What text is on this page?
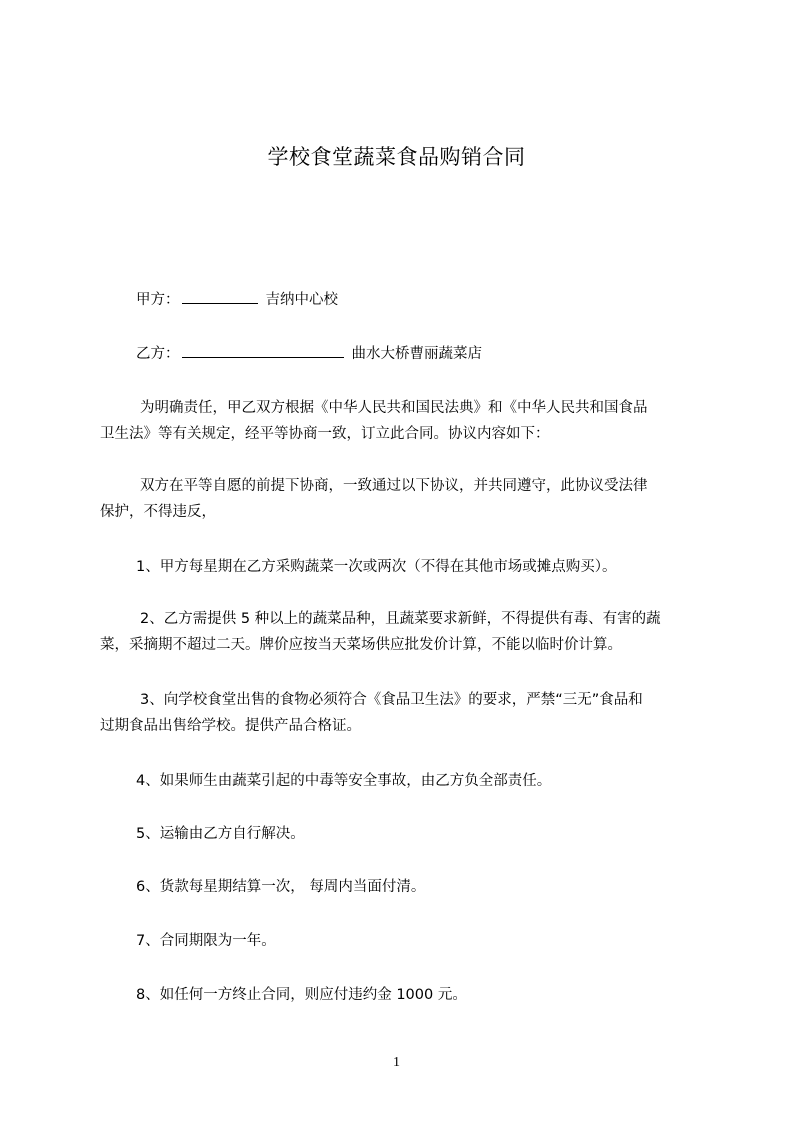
学校食堂蔬菜食品购销合同
甲方：	吉纳中心校
乙方：	曲水大桥曹丽蔬菜店
为明确责任，甲乙双方根据《中华人民共和国民法典》和《中华人民共和国食品
卫生法》等有关规定，经平等协商一致，订立此合同。协议内容如下：
双方在平等自愿的前提下协商，一致通过以下协议，并共同遵守，此协议受法律
保护，不得违反，
1、甲方每星期在乙方采购蔬菜一次或两次（不得在其他市场或摊点购买）。
2、乙方需提供 5 种以上的蔬菜品种，且蔬菜要求新鲜，不得提供有毒、有害的蔬
菜，采摘期不超过二天。牌价应按当天菜场供应批发价计算，不能以临时价计算。
3、向学校食堂出售的食物必须符合《食品卫生法》的要求，严禁“三无”食品和
过期食品出售给学校。提供产品合格证。
4、如果师生由蔬菜引起的中毒等安全事故，由乙方负全部责任。
5、运输由乙方自行解决。
6、货款每星期结算一次， 每周内当面付清。
7、合同期限为一年。
8、如任何一方终止合同，则应付违约金 1000 元。
1
